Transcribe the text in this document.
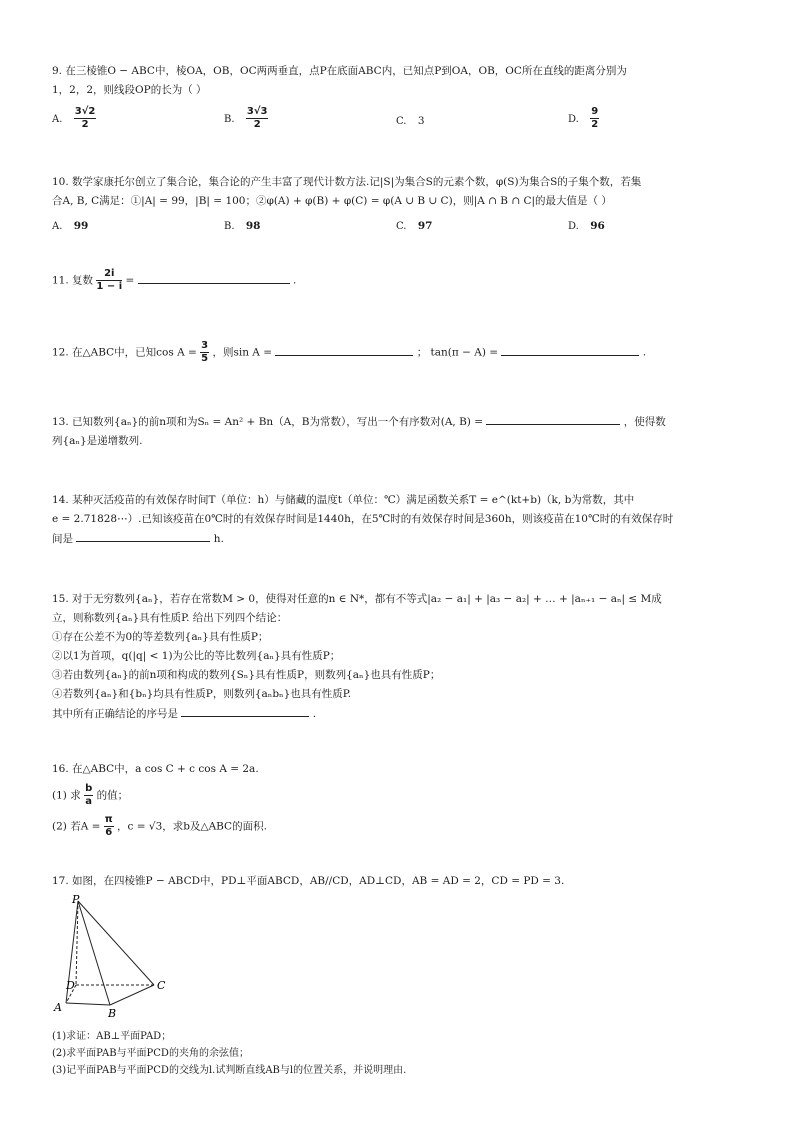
9. 在三棱锥O − ABC中，棱OA，OB，OC两两垂直，点P在底面ABC内，已知点P到OA，OB，OC所在直线的距离分别为
1，2，2，则线段OP的长为（ ）
A. $\frac{3√2}{2}$	B. $\frac{3√3}{2}$	C. 3	D. $\frac{9}{2}$
10. 数学家康托尔创立了集合论，集合论的产生丰富了现代计数方法.记|S|为集合S的元素个数，φ(S)为集合S的子集个数，若集
合A, B, C满足：①|A| = 99，|B| = 100；②φ(A) + φ(B) + φ(C) = φ(A ∪ B ∪ C)，则|A ∩ B ∩ C|的最大值是（ ）
A. 99	B. 98	C. 97	D. 96
11. 复数 $\frac{2i}{1 - i}$ =	.
12. 在△ABC中，已知$\cos A = \frac{3}{5}$ ，则sin A =	； tan(π − A) =	.
13. 已知数列{aₙ}的前n项和为Sₙ = An² + Bn（A，B为常数），写出一个有序数对(A, B) =	，使得数
列{aₙ}是递增数列.
14. 某种灭活疫苗的有效保存时间T（单位：h）与储藏的温度t（单位：℃）满足函数关系T = e^(kt+b)（k, b为常数，其中
e = 2.71828⋯）.已知该疫苗在0℃时的有效保存时间是1440h，在5℃时的有效保存时间是360h，则该疫苗在10℃时的有效保存时
间是	h.
15. 对于无穷数列{aₙ}，若存在常数M > 0，使得对任意的n ∈ N*，都有不等式|a₂ − a₁| + |a₃ − a₂| + … + |aₙ₊₁ − aₙ| ≤ M成
立，则称数列{aₙ}具有性质P. 给出下列四个结论：
①存在公差不为0的等差数列{aₙ}具有性质P；
②以1为首项，q(|q| < 1)为公比的等比数列{aₙ}具有性质P；
③若由数列{aₙ}的前n项和构成的数列{Sₙ}具有性质P，则数列{aₙ}也具有性质P；
④若数列{aₙ}和{bₙ}均具有性质P，则数列{aₙbₙ}也具有性质P.
其中所有正确结论的序号是	.
16. 在△ABC中，a cos C + c cos A = 2a.
(1) 求 $\frac{b}{a}$ 的值；
(2) 若$A = \frac{\pi}{6}$ ，c = √3，求b及△ABC的面积.
17. 如图，在四棱锥P − ABCD中，PD⊥平面ABCD，AB//CD，AD⊥CD，AB = AD = 2，CD = PD = 3.
P
A	B
C
D
(1)求证：AB⊥平面PAD；
(2)求平面PAB与平面PCD的夹角的余弦值；
(3)记平面PAB与平面PCD的交线为l.试判断直线AB与l的位置关系，并说明理由.
